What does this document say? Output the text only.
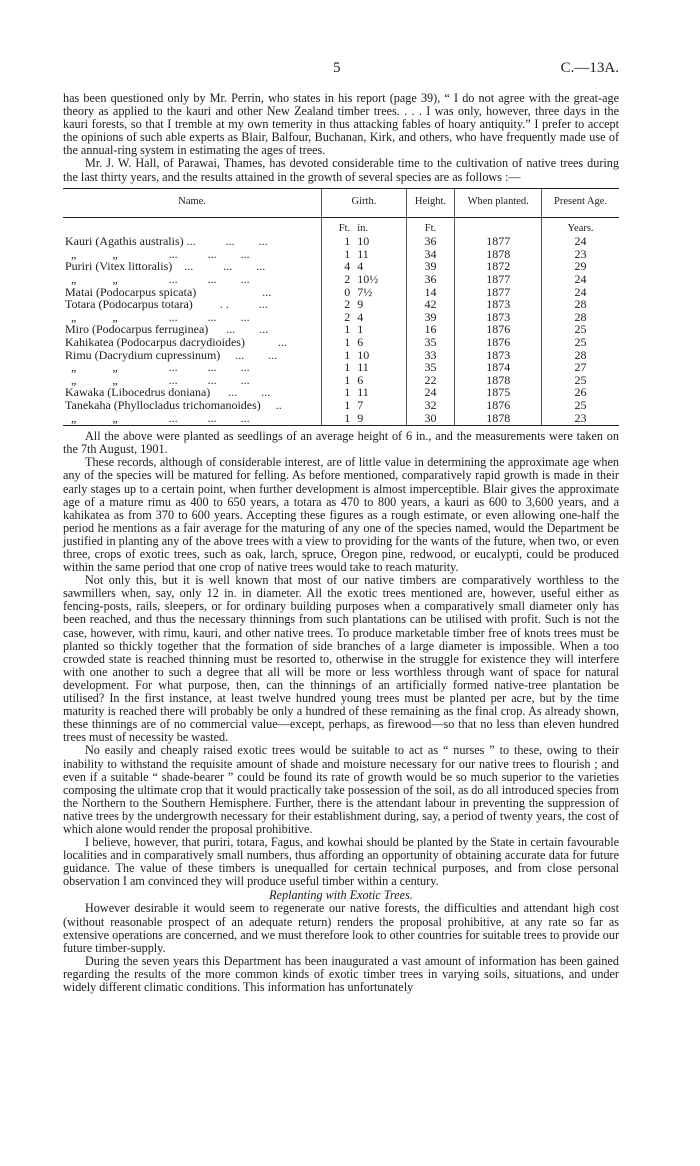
5	C.—13A.

has been questioned only by Mr. Perrin, who states in his report (page 39), “ I do not agree with the great-age theory as applied to the kauri and other New Zealand timber trees. . . . I was only, however, three days in the kauri forests, so that I tremble at my own temerity in thus attacking fables of hoary antiquity.” I prefer to accept the opinions of such able experts as Blair, Balfour, Buchanan, Kirk, and others, who have frequently made use of the annual-ring system in estimating the ages of trees.

Mr. J. W. Hall, of Parawai, Thames, has devoted considerable time to the cultivation of native trees during the last thirty years, and the results attained in the growth of several species are as follows :—

Name.	Girth.	Height.	When planted.	Present Age.
	Ft. in.	Ft.		Years.
Kauri (Agathis australis) ...          ...        ...	1 10	36	1877	24
„            „                 ...          ...        ...	1 11	34	1878	23
Puriri (Vitex littoralis)    ...          ...        ...	4 4	39	1872	29
„            „                 ...          ...        ...	2 10½	36	1877	24
Matai (Podocarpus spicata)                      ...	0 7½	14	1877	24
Totara (Podocarpus totara)         . .          ...	2 9	42	1873	28
„            „                 ...          ...        ...	2 4	39	1873	28
Miro (Podocarpus ferruginea)      ...        ...	1 1	16	1876	25
Kahikatea (Podocarpus dacrydioides)           ...	1 6	35	1876	25
Rimu (Dacrydium cupressinum)     ...        ...	1 10	33	1873	28
„            „                 ...          ...        ...	1 11	35	1874	27
„            „                 ...          ...        ...	1 6	22	1878	25
Kawaka (Libocedrus doniana)      ...        ...	1 11	24	1875	26
Tanekaha (Phyllocladus trichomanoides)     ..	1 7	32	1876	25
„            „                 ...          ...        ...	1 9	30	1878	23

All the above were planted as seedlings of an average height of 6 in., and the measurements were taken on the 7th August, 1901.

These records, although of considerable interest, are of little value in determining the approximate age when any of the species will be matured for felling. As before mentioned, comparatively rapid growth is made in their early stages up to a certain point, when further development is almost imperceptible. Blair gives the approximate age of a mature rimu as 400 to 650 years, a totara as 470 to 800 years, a kauri as 600 to 3,600 years, and a kahikatea as from 370 to 600 years. Accepting these figures as a rough estimate, or even allowing one-half the period he mentions as a fair average for the maturing of any one of the species named, would the Department be justified in planting any of the above trees with a view to providing for the wants of the future, when two, or even three, crops of exotic trees, such as oak, larch, spruce, Oregon pine, redwood, or eucalypti, could be produced within the same period that one crop of native trees would take to reach maturity.

Not only this, but it is well known that most of our native timbers are comparatively worthless to the sawmillers when, say, only 12 in. in diameter. All the exotic trees mentioned are, however, useful either as fencing-posts, rails, sleepers, or for ordinary building purposes when a comparatively small diameter only has been reached, and thus the necessary thinnings from such plantations can be utilised with profit. Such is not the case, however, with rimu, kauri, and other native trees. To produce marketable timber free of knots trees must be planted so thickly together that the formation of side branches of a large diameter is impossible. When a too crowded state is reached thinning must be resorted to, otherwise in the struggle for existence they will interfere with one another to such a degree that all will be more or less worthless through want of space for natural development. For what purpose, then, can the thinnings of an artificially formed native-tree plantation be utilised? In the first instance, at least twelve hundred young trees must be planted per acre, but by the time maturity is reached there will probably be only a hundred of these remaining as the final crop. As already shown, these thinnings are of no commercial value—except, perhaps, as firewood—so that no less than eleven hundred trees must of necessity be wasted.

No easily and cheaply raised exotic trees would be suitable to act as “ nurses ” to these, owing to their inability to withstand the requisite amount of shade and moisture necessary for our native trees to flourish ; and even if a suitable “ shade-bearer ” could be found its rate of growth would be so much superior to the varieties composing the ultimate crop that it would practically take possession of the soil, as do all introduced species from the Northern to the Southern Hemisphere. Further, there is the attendant labour in preventing the suppression of native trees by the undergrowth necessary for their establishment during, say, a period of twenty years, the cost of which alone would render the proposal prohibitive.

I believe, however, that puriri, totara, Fagus, and kowhai should be planted by the State in certain favourable localities and in comparatively small numbers, thus affording an opportunity of obtaining accurate data for future guidance. The value of these timbers is unequalled for certain technical purposes, and from close personal observation I am convinced they will produce useful timber within a century.

Replanting with Exotic Trees.

However desirable it would seem to regenerate our native forests, the difficulties and attendant high cost (without reasonable prospect of an adequate return) renders the proposal prohibitive, at any rate so far as extensive operations are concerned, and we must therefore look to other countries for suitable trees to provide our future timber-supply.

During the seven years this Department has been inaugurated a vast amount of information has been gained regarding the results of the more common kinds of exotic timber trees in varying soils, situations, and under widely different climatic conditions. This information has unfortunately
